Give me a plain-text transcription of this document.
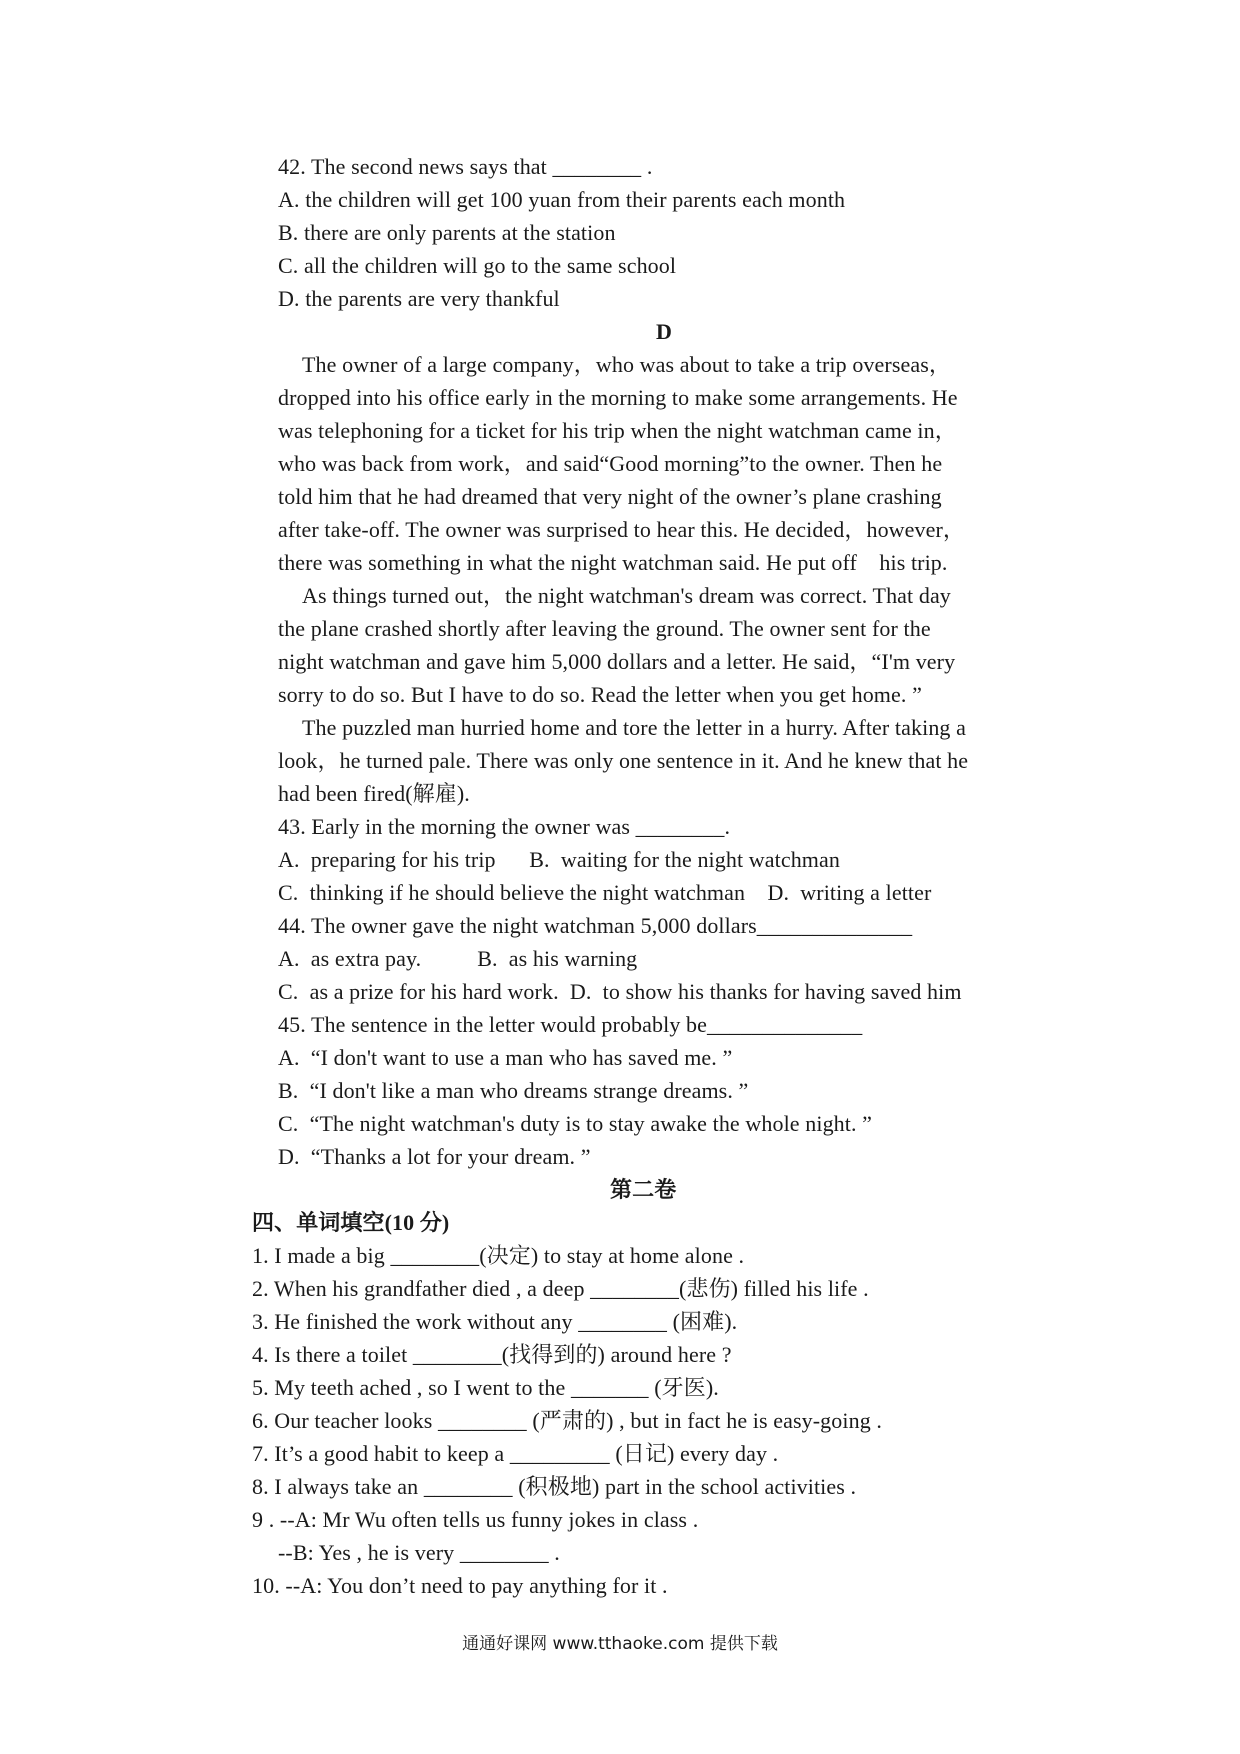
42. The second news says that ________ .
A. the children will get 100 yuan from their parents each month
B. there are only parents at the station
C. all the children will go to the same school
D. the parents are very thankful
D
The owner of a large company，who was about to take a trip overseas，
dropped into his office early in the morning to make some arrangements. He
was telephoning for a ticket for his trip when the night watchman came in，
who was back from work，and said“Good morning”to the owner. Then he
told him that he had dreamed that very night of the owner’s plane crashing
after take-off. The owner was surprised to hear this. He decided，however，
there was something in what the night watchman said. He put off    his trip.
As things turned out，the night watchman's dream was correct. That day
the plane crashed shortly after leaving the ground. The owner sent for the
night watchman and gave him 5,000 dollars and a letter. He said，“I'm very
sorry to do so. But I have to do so. Read the letter when you get home. ”
The puzzled man hurried home and tore the letter in a hurry. After taking a
look，he turned pale. There was only one sentence in it. And he knew that he
had been fired(解雇).
43. Early in the morning the owner was ________.
A.  preparing for his trip      B.  waiting for the night watchman
C.  thinking if he should believe the night watchman    D.  writing a letter
44. The owner gave the night watchman 5,000 dollars______________
A.  as extra pay.          B.  as his warning
C.  as a prize for his hard work.  D.  to show his thanks for having saved him
45. The sentence in the letter would probably be______________
A.  “I don't want to use a man who has saved me. ”
B.  “I don't like a man who dreams strange dreams. ”
C.  “The night watchman's duty is to stay awake the whole night. ”
D.  “Thanks a lot for your dream. ”
第二卷
四、单词填空(10 分)
1. I made a big ________(决定) to stay at home alone .
2. When his grandfather died , a deep ________(悲伤) filled his life .
3. He finished the work without any ________ (困难).
4. Is there a toilet ________(找得到的) around here ?
5. My teeth ached , so I went to the _______ (牙医).
6. Our teacher looks ________ (严肃的) , but in fact he is easy-going .
7. It’s a good habit to keep a _________ (日记) every day .
8. I always take an ________ (积极地) part in the school activities .
9 . --A: Mr Wu often tells us funny jokes in class .
--B: Yes , he is very ________ .
10. --A: You don’t need to pay anything for it .
通通好课网 www.tthaoke.com 提供下载
